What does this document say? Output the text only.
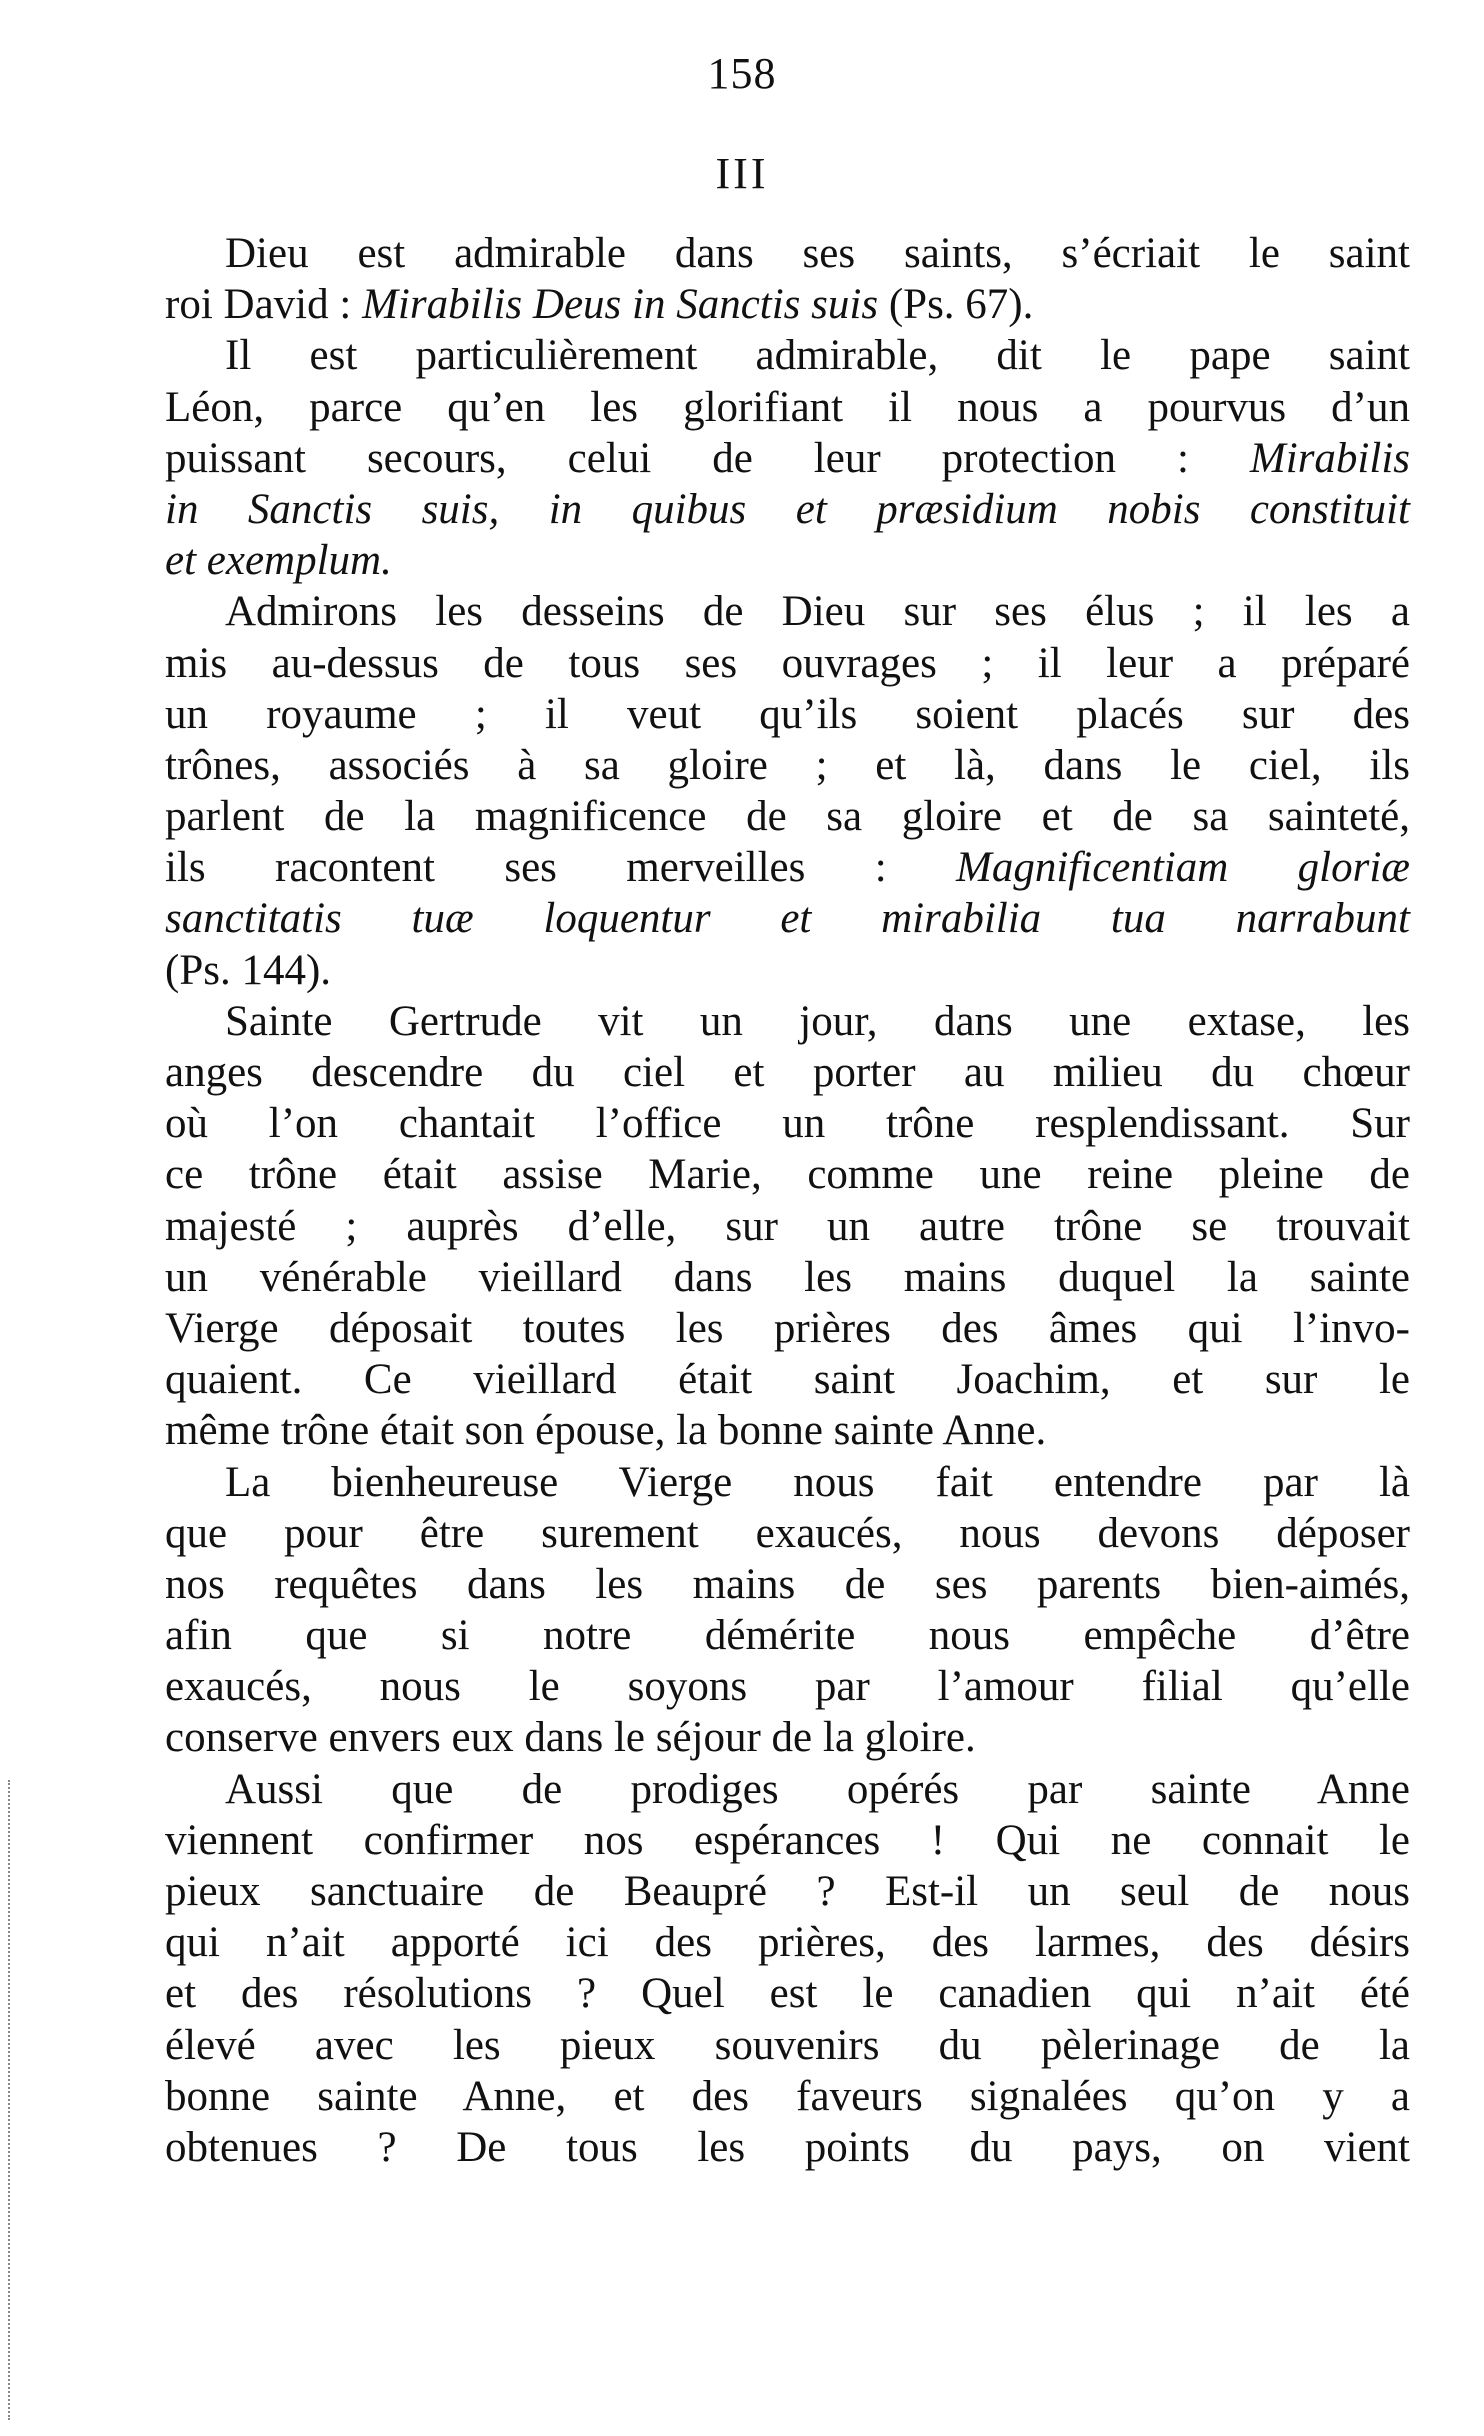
158
III
Dieu est admirable dans ses saints, s’écriait le saint
roi David : Mirabilis Deus in Sanctis suis (Ps. 67).
Il est particulièrement admirable, dit le pape saint
Léon, parce qu’en les glorifiant il nous a pourvus d’un
puissant secours, celui de leur protection : Mirabilis
in Sanctis suis, in quibus et præsidium nobis constituit
et exemplum.
Admirons les desseins de Dieu sur ses élus ; il les a
mis au-dessus de tous ses ouvrages ; il leur a préparé
un royaume ; il veut qu’ils soient placés sur des
trônes, associés à sa gloire ; et là, dans le ciel, ils
parlent de la magnificence de sa gloire et de sa sainteté,
ils racontent ses merveilles : Magnificentiam gloriæ
sanctitatis tuæ loquentur et mirabilia tua narrabunt
(Ps. 144).
Sainte Gertrude vit un jour, dans une extase, les
anges descendre du ciel et porter au milieu du chœur
où l’on chantait l’office un trône resplendissant. Sur
ce trône était assise Marie, comme une reine pleine de
majesté ; auprès d’elle, sur un autre trône se trouvait
un vénérable vieillard dans les mains duquel la sainte
Vierge déposait toutes les prières des âmes qui l’invo-
quaient. Ce vieillard était saint Joachim, et sur le
même trône était son épouse, la bonne sainte Anne.
La bienheureuse Vierge nous fait entendre par là
que pour être surement exaucés, nous devons déposer
nos requêtes dans les mains de ses parents bien-aimés,
afin que si notre démérite nous empêche d’être
exaucés, nous le soyons par l’amour filial qu’elle
conserve envers eux dans le séjour de la gloire.
Aussi que de prodiges opérés par sainte Anne
viennent confirmer nos espérances ! Qui ne connait le
pieux sanctuaire de Beaupré ? Est-il un seul de nous
qui n’ait apporté ici des prières, des larmes, des désirs
et des résolutions ? Quel est le canadien qui n’ait été
élevé avec les pieux souvenirs du pèlerinage de la
bonne sainte Anne, et des faveurs signalées qu’on y a
obtenues ? De tous les points du pays, on vient
